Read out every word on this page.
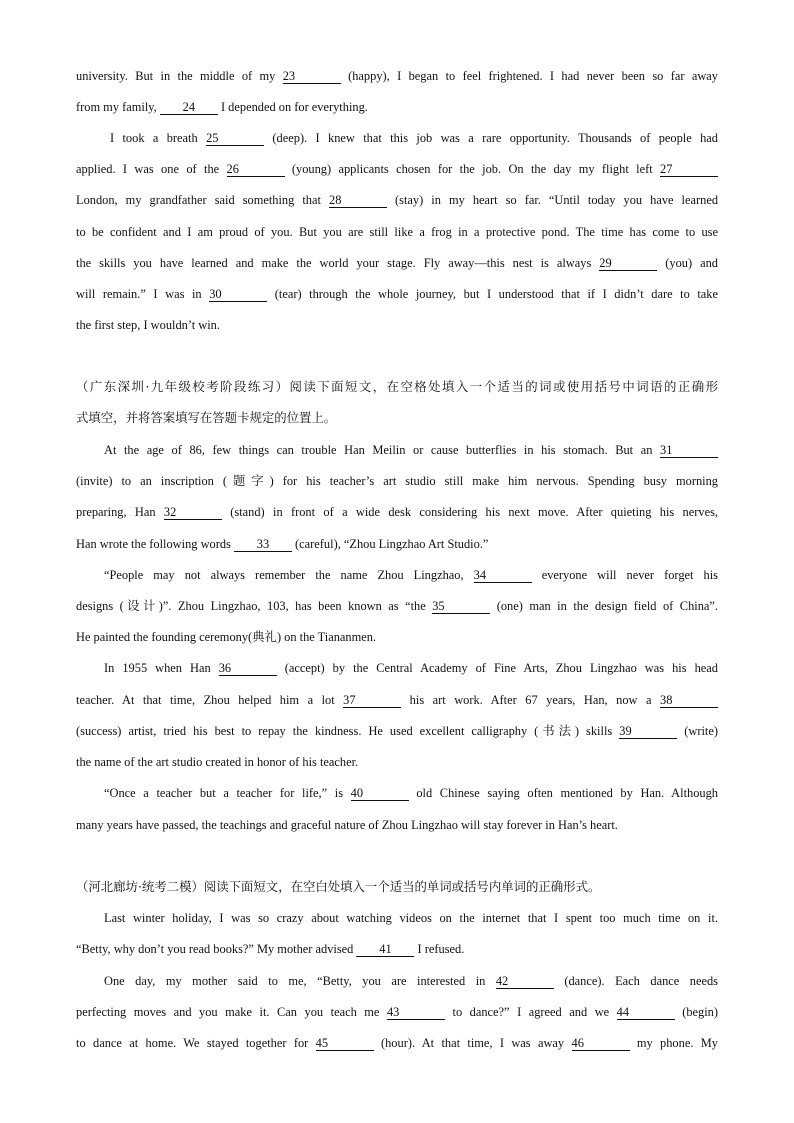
university. But in the middle of my 23	(happy), I began to feel frightened. I had never been so far away
from my family, 24 I depended on for everything.
I took a breath 25	(deep). I knew that this job was a rare opportunity. Thousands of people had
applied. I was one of the 26	(young) applicants chosen for the job. On the day my flight left 27
London, my grandfather said something that 28	(stay) in my heart so far. “Until today you have learned
to be confident and I am proud of you. But you are still like a frog in a protective pond. The time has come to use
the skills you have learned and make the world your stage. Fly away—this nest is always 29	(you) and
will remain.” I was in 30	(tear) through the whole journey, but I understood that if I didn’t dare to take
the first step, I wouldn’t win.
（广东深圳·九年级校考阶段练习）阅读下面短文，在空格处填入一个适当的词或使用括号中词语的正确形
式填空，并将答案填写在答题卡规定的位置上。
At the age of 86, few things can trouble Han Meilin or cause butterflies in his stomach. But an 31
(invite) to an inscription (题字) for his teacher’s art studio still make him nervous. Spending busy morning
preparing, Han 32	(stand) in front of a wide desk considering his next move. After quieting his nerves,
Han wrote the following words 33 (careful), “Zhou Lingzhao Art Studio.”
“People may not always remember the name Zhou Lingzhao, 34	everyone will never forget his
designs (设计)”. Zhou Lingzhao, 103, has been known as “the 35	(one) man in the design field of China”.
He painted the founding ceremony(典礼) on the Tiananmen.
In 1955 when Han 36	(accept) by the Central Academy of Fine Arts, Zhou Lingzhao was his head
teacher. At that time, Zhou helped him a lot 37	his art work. After 67 years, Han, now a 38
(success) artist, tried his best to repay the kindness. He used excellent calligraphy (书法) skills 39	(write)
the name of the art studio created in honor of his teacher.
“Once a teacher but a teacher for life,” is 40	old Chinese saying often mentioned by Han. Although
many years have passed, the teachings and graceful nature of Zhou Lingzhao will stay forever in Han’s heart.
（河北廊坊·统考二模）阅读下面短文，在空白处填入一个适当的单词或括号内单词的正确形式。
Last winter holiday, I was so crazy about watching videos on the internet that I spent too much time on it.
“Betty, why don’t you read books?” My mother advised 41 I refused.
One day, my mother said to me, “Betty, you are interested in 42	(dance). Each dance needs
perfecting moves and you make it. Can you teach me 43	to dance?” I agreed and we 44	(begin)
to dance at home. We stayed together for 45	(hour). At that time, I was away 46	my phone. My
